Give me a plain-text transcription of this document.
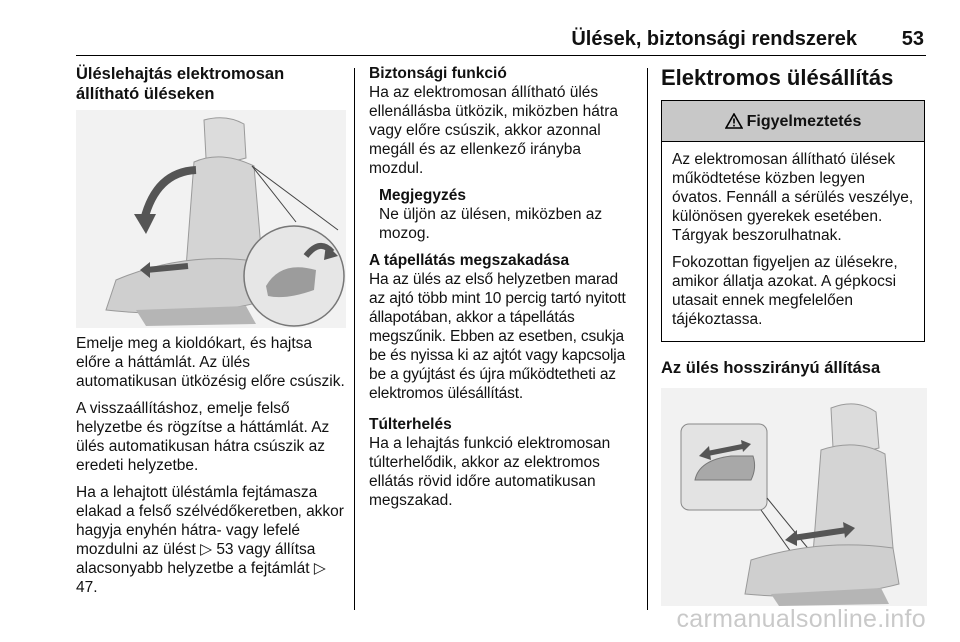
Ülések, biztonsági rendszerek 53
Üléslehajtás elektromosan
állítható üléseken

Emelje meg a kioldókart, és hajtsa előre a háttámlát. Az ülés automatikusan ütközésig előre csúszik.

A visszaállításhoz, emelje felső helyzetbe és rögzítse a háttámlát. Az ülés automatikusan hátra csúszik az eredeti helyzetbe.

Ha a lehajtott üléstámla fejtámasza elakad a felső szélvédőkeretben, akkor hagyja enyhén hátra- vagy lefelé mozdulni az ülést ▷ 53 vagy állítsa alacsonyabb helyzetbe a fejtámlát ▷ 47.

Biztonsági funkció

Ha az elektromosan állítható ülés ellenállásba ütközik, miközben hátra vagy előre csúszik, akkor azonnal megáll és az ellenkező irányba mozdul.

Megjegyzés
Ne üljön az ülésen, miközben az mozog.
A tápellátás megszakadása

Ha az ülés az első helyzetben marad az ajtó több mint 10 percig tartó nyitott állapotában, akkor a tápellátás megszűnik. Ebben az esetben, csukja be és nyissa ki az ajtót vagy kapcsolja be a gyújtást és újra működtetheti az elektromos ülésállítást.

Túlterhelés

Ha a lehajtás funkció elektromosan túlterhelődik, akkor az elektromos ellátás rövid időre automatikusan megszakad.

Elektromos ülésállítás
Figyelmeztetés

Az elektromosan állítható ülések működtetése közben legyen óvatos. Fennáll a sérülés veszélye, különösen gyerekek esetében. Tárgyak beszorulhatnak.

Fokozottan figyeljen az ülésekre, amikor állatja azokat. A gépkocsi utasait ennek megfelelően tájékoztassa.

Az ülés hosszirányú állítása
carmanualsonline.info
